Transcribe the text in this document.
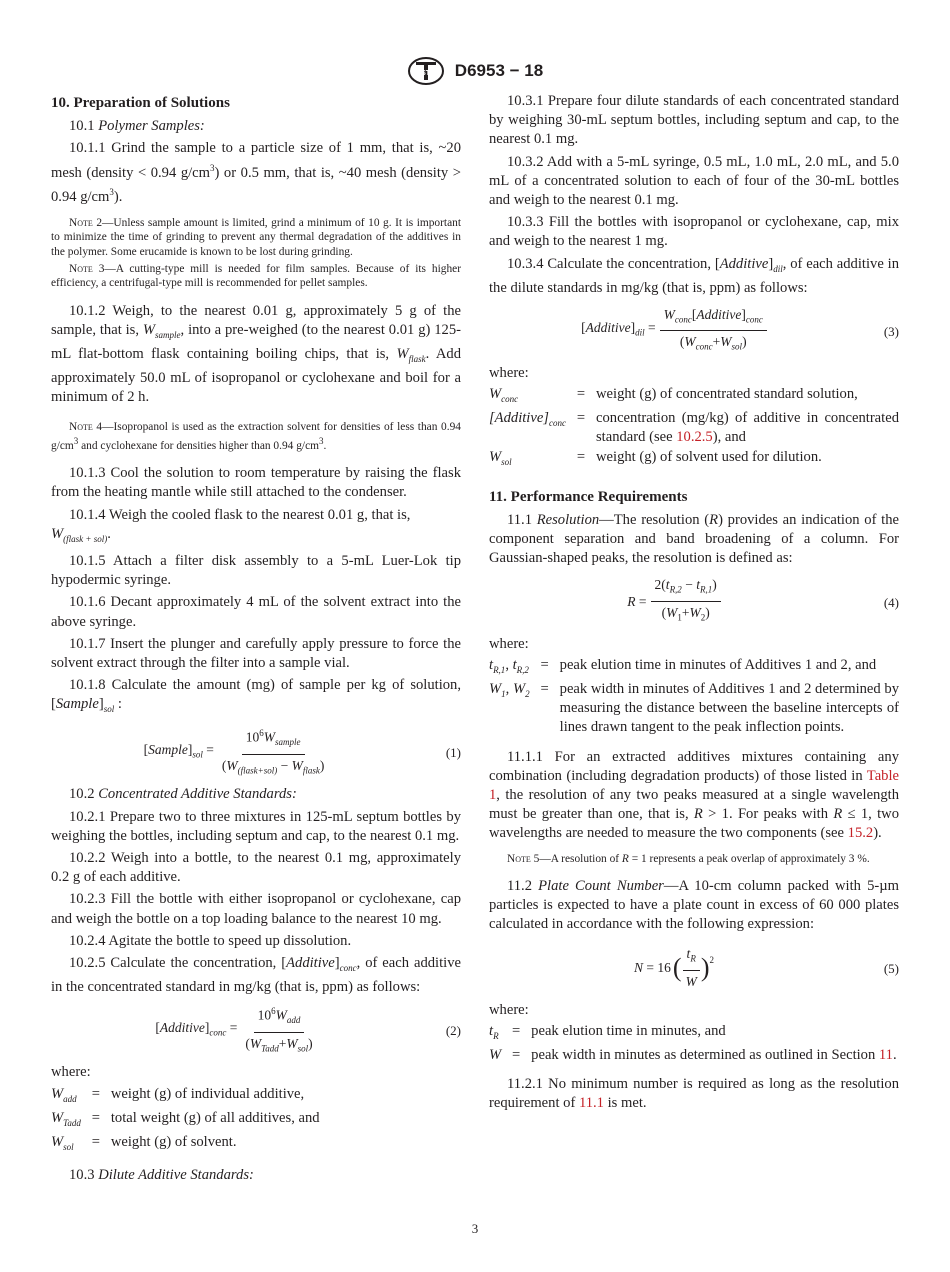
ASTM D6953 − 18
10. Preparation of Solutions

10.1 Polymer Samples:

10.1.1 Grind the sample to a particle size of 1 mm, that is, ~20 mesh (density < 0.94 $g/cm^3$) or 0.5 mm, that is, ~40 mesh (density > 0.94 $g/cm^3$).

Note 2—Unless sample amount is limited, grind a minimum of 10 g. It is important to minimize the time of grinding to prevent any thermal degradation of the additives in the polymer. Some erucamide is known to be lost during grinding.

Note 3—A cutting-type mill is needed for film samples. Because of its higher efficiency, a centrifugal-type mill is recommended for pellet samples.

10.1.2 Weigh, to the nearest 0.01 g, approximately 5 g of the sample, that is, $W_{sample}$, into a pre-weighed (to the nearest 0.01 g) 125-mL flat-bottom flask containing boiling chips, that is, $W_{flask}$. Add approximately 50.0 mL of isopropanol or cyclohexane and boil for a minimum of 2 h.

Note 4—Isopropanol is used as the extraction solvent for densities of less than 0.94 $g/cm^3$ and cyclohexane for densities higher than 0.94 $g/cm^3$.

10.1.3 Cool the solution to room temperature by raising the flask from the heating mantle while still attached to the condenser.

10.1.4 Weigh the cooled flask to the nearest 0.01 g, that is,
$W_{(flask + sol)}$.

10.1.5 Attach a filter disk assembly to a 5-mL Luer-Lok tip hypodermic syringe.

10.1.6 Decant approximately 4 mL of the solvent extract into the above syringe.

10.1.7 Insert the plunger and carefully apply pressure to force the solvent extract through the filter into a sample vial.

10.1.8 Calculate the amount (mg) of sample per kg of solution, $[Sample]_{sol}$ :

$[Sample]_{sol} = \frac{10^6W_{sample}}{(W_{(flask+sol)} - W_{flask})}$	(1)

10.2 Concentrated Additive Standards:

10.2.1 Prepare two to three mixtures in 125-mL septum bottles by weighing the bottles, including septum and cap, to the nearest 0.1 mg.

10.2.2 Weigh into a bottle, to the nearest 0.1 mg, approximately 0.2 g of each additive.

10.2.3 Fill the bottle with either isopropanol or cyclohexane, cap and weigh the bottle on a top loading balance to the nearest 10 mg.

10.2.4 Agitate the bottle to speed up dissolution.

10.2.5 Calculate the concentration, $[Additive]_{conc}$, of each additive in the concentrated standard in mg/kg (that is, ppm) as follows:

$[Additive]_{conc} = \frac{10^6W_{add}}{(W_{Tadd}+W_{sol})}$	(2)

where:

$W_{add}$	= weight (g) of individual additive,
$W_{Tadd}$ = total weight (g) of all additives, and
$W_{sol}$	= weight (g) of solvent.

10.3 Dilute Additive Standards:

10.3.1 Prepare four dilute standards of each concentrated standard by weighing 30-mL septum bottles, including septum and cap, to the nearest 0.1 mg.

10.3.2 Add with a 5-mL syringe, 0.5 mL, 1.0 mL, 2.0 mL, and 5.0 mL of a concentrated solution to each of four of the 30-mL bottles and weigh to the nearest 0.1 mg.

10.3.3 Fill the bottles with isopropanol or cyclohexane, cap, mix and weigh to the nearest 1 mg.

10.3.4 Calculate the concentration, $[Additive]_{dil}$, of each additive in the dilute standards in mg/kg (that is, ppm) as follows:

$[Additive]_{dil} = \frac{W_{conc}[Additive]_{conc}}{(W_{conc}+W_{sol})}$	(3)

where:

$W_{conc}$	= weight (g) of concentrated standard solution,
$[Additive]_{conc}$ = concentration (mg/kg) of additive in concentrated standard (see 10.2.5), and
$W_{sol}$	= weight (g) of solvent used for dilution.
11. Performance Requirements

11.1 Resolution—The resolution (R) provides an indication of the component separation and band broadening of a column. For Gaussian-shaped peaks, the resolution is defined as:

$R = \frac{2(t_{R,2} - t_{R,1})}{(W_1+W_2)}$	(4)

where:

$t_{R,1}$, $t_{R,2}$ = peak elution time in minutes of Additives 1 and 2, and
$W_1$, $W_2$ = peak width in minutes of Additives 1 and 2 determined by measuring the distance between the baseline intercepts of lines drawn tangent to the peak inflection points.

11.1.1 For an extracted additives mixtures containing any combination (including degradation products) of those listed in Table 1, the resolution of any two peaks measured at a single wavelength must be greater than one, that is, R > 1. For peaks with R ≤ 1, two wavelengths are needed to measure the two components (see 15.2).

Note 5—A resolution of R = 1 represents a peak overlap of approximately 3 %.

11.2 Plate Count Number—A 10-cm column packed with 5-µm particles is expected to have a plate count in excess of 60 000 plates calculated in accordance with the following expression:

N = 16 ( $\frac{t_R}{W} )^2$
(5)

where:

$t_R$ = peak elution time in minutes, and
W = peak width in minutes as determined as outlined in Section 11.

11.2.1 No minimum number is required as long as the resolution requirement of 11.1 is met.

3
